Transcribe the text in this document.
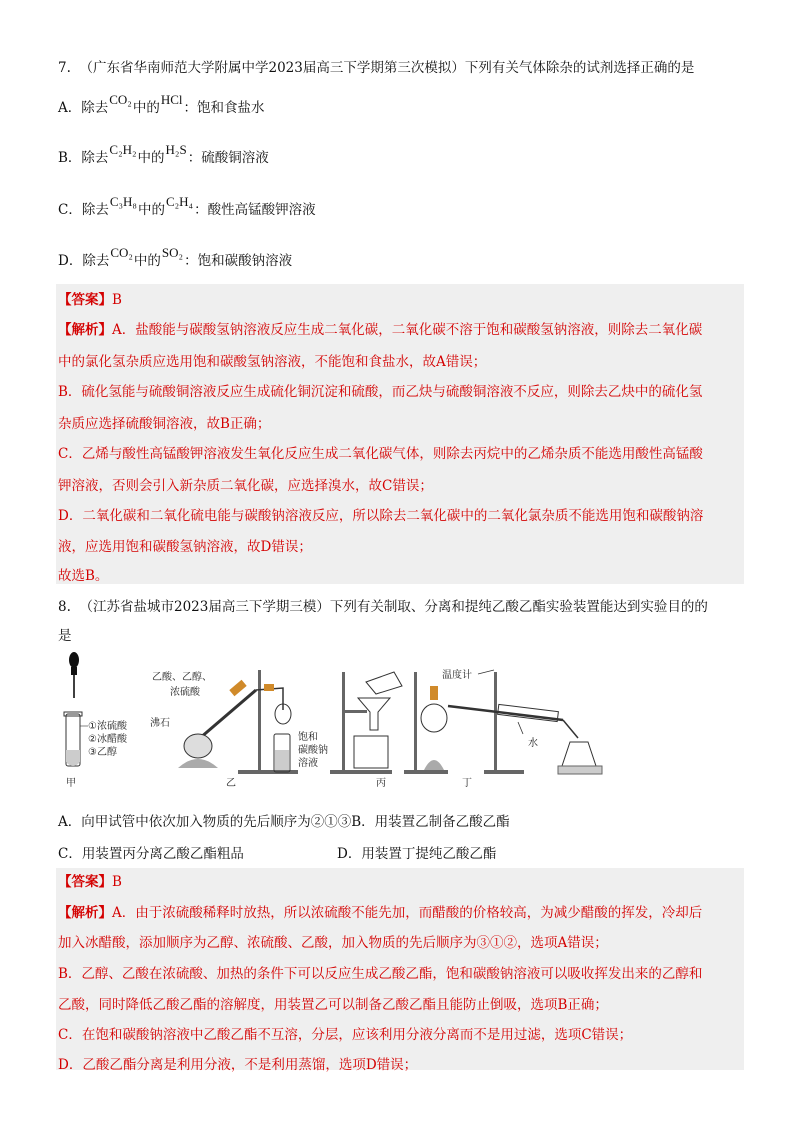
7. （广东省华南师范大学附属中学2023届高三下学期第三次模拟）下列有关气体除杂的试剂选择正确的是
A．除去CO₂中的HCl：饱和食盐水
B．除去C₂H₂中的H₂S：硫酸铜溶液
C．除去C₃H₈中的C₂H₄：酸性高锰酸钾溶液
D．除去CO₂中的SO₂：饱和碳酸钠溶液
【答案】B
【解析】A．盐酸能与碳酸氢钠溶液反应生成二氧化碳，二氧化碳不溶于饱和碳酸氢钠溶液，则除去二氧化碳
中的氯化氢杂质应选用饱和碳酸氢钠溶液，不能饱和食盐水，故A错误；
B．硫化氢能与硫酸铜溶液反应生成硫化铜沉淀和硫酸，而乙炔与硫酸铜溶液不反应，则除去乙炔中的硫化氢
杂质应选择硫酸铜溶液，故B正确；
C．乙烯与酸性高锰酸钾溶液发生氧化反应生成二氧化碳气体，则除去丙烷中的乙烯杂质不能选用酸性高锰酸
钾溶液，否则会引入新杂质二氧化碳，应选择溴水，故C错误；
D．二氧化碳和二氧化硫电能与碳酸钠溶液反应，所以除去二氧化碳中的二氧化氯杂质不能选用饱和碳酸钠溶
液，应选用饱和碳酸氢钠溶液，故D错误；
故选B。
8. （江苏省盐城市2023届高三下学期三模）下列有关制取、分离和提纯乙酸乙酯实验装置能达到实验目的的
是
①浓硫酸
②冰醋酸
③乙醇
甲
乙酸、乙醇、
浓硫酸
沸石
饱和
碳酸钠
溶液
乙	丙
温度计
水
丁
A．向甲试管中依次加入物质的先后顺序为②①③B．用装置乙制备乙酸乙酯
C．用装置丙分离乙酸乙酯粗品	D．用装置丁提纯乙酸乙酯
【答案】B
【解析】A．由于浓硫酸稀释时放热，所以浓硫酸不能先加，而醋酸的价格较高，为减少醋酸的挥发，冷却后
加入冰醋酸，添加顺序为乙醇、浓硫酸、乙酸，加入物质的先后顺序为③①②，选项A错误；
B．乙醇、乙酸在浓硫酸、加热的条件下可以反应生成乙酸乙酯，饱和碳酸钠溶液可以吸收挥发出来的乙醇和
乙酸，同时降低乙酸乙酯的溶解度，用装置乙可以制备乙酸乙酯且能防止倒吸，选项B正确；
C．在饱和碳酸钠溶液中乙酸乙酯不互溶，分层，应该利用分液分离而不是用过滤，选项C错误；
D．乙酸乙酯分离是利用分液，不是利用蒸馏，选项D错误；
